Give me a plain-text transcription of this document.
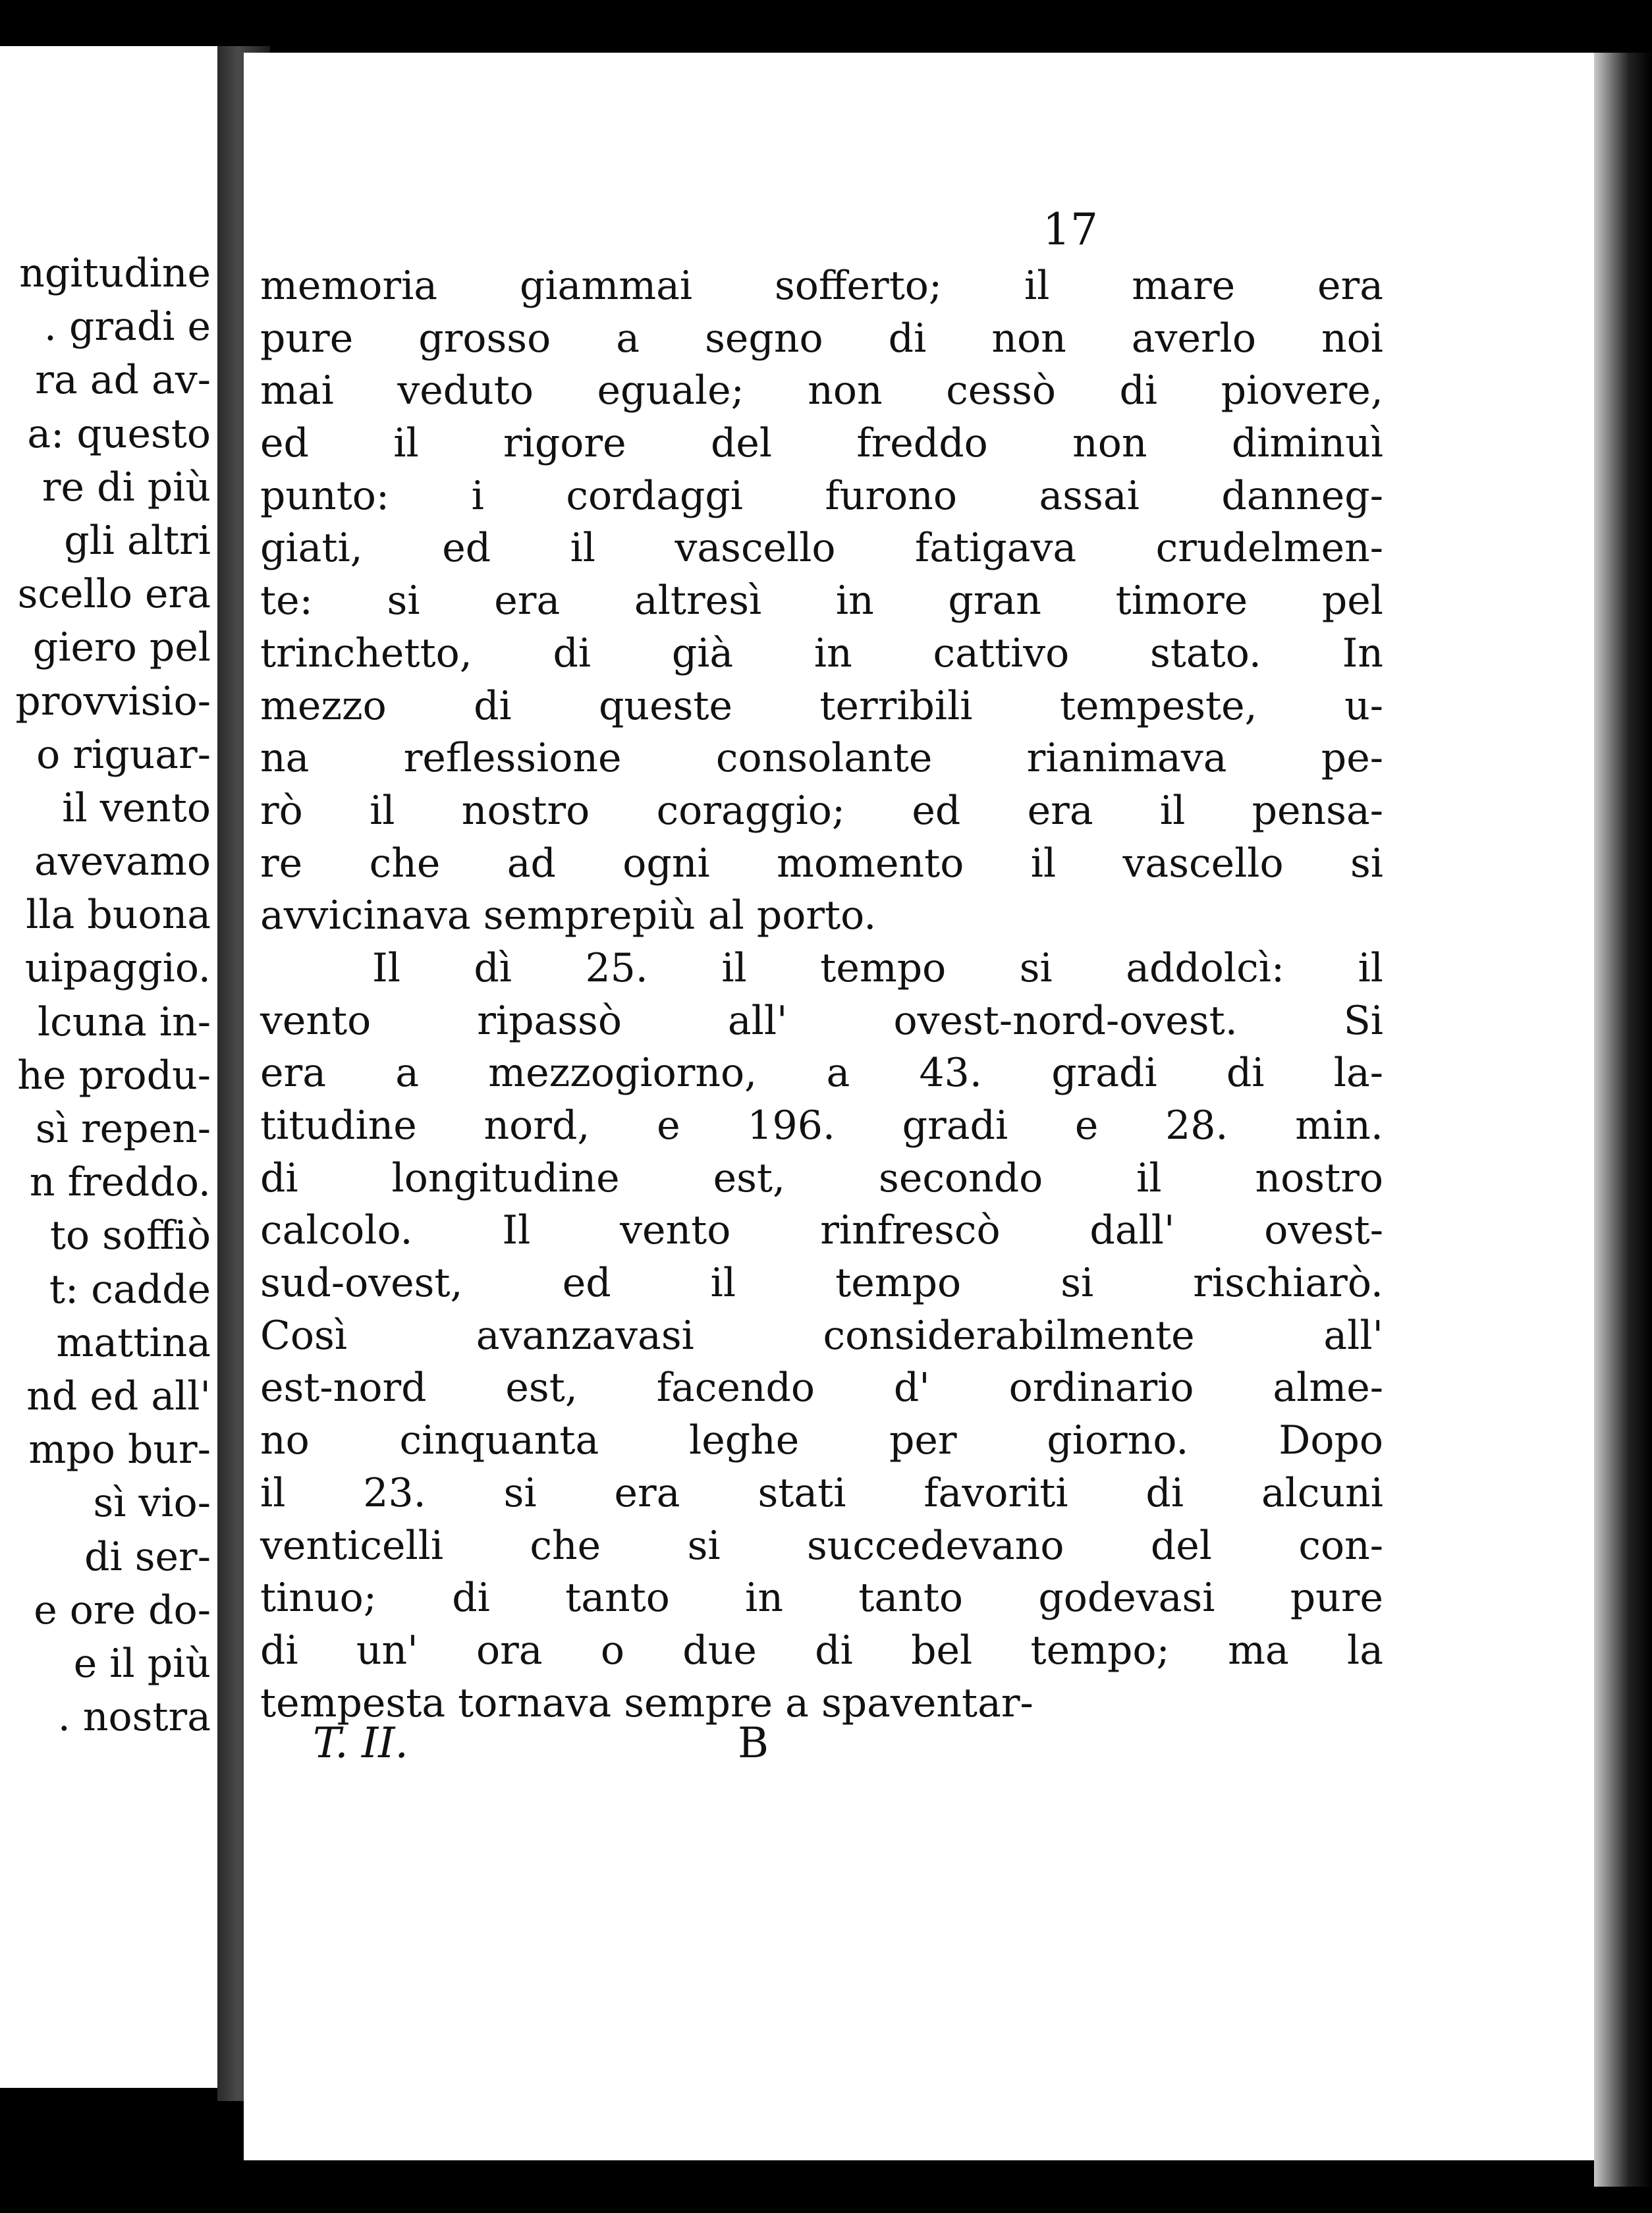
ngitudine
. gradi e
ra ad av-
a: questo
re di più
gli altri
scello era
giero pel
provvisio-
o riguar-
il vento
avevamo
lla buona
uipaggio.
lcuna in-
he produ-
sì repen-
n freddo.
to soffiò
t: cadde
mattina
nd ed all'
mpo bur-
sì vio-
di ser-
e ore do-
e il più
. nostra
17
memoria giammai sofferto; il mare era
pure grosso a segno di non averlo noi
mai veduto eguale; non cessò di piovere,
ed il rigore del freddo non diminuì
punto: i cordaggi furono assai danneg-
giati, ed il vascello fatigava crudelmen-
te: si era altresì in gran timore pel
trinchetto, di già in cattivo stato. In
mezzo di queste terribili tempeste, u-
na reflessione consolante rianimava pe-
rò il nostro coraggio; ed era il pensa-
re che ad ogni momento il vascello si
avvicinava semprepiù al porto.
Il dì 25. il tempo si addolcì: il
vento ripassò all' ovest-nord-ovest. Si
era a mezzogiorno, a 43. gradi di la-
titudine nord, e 196. gradi e 28. min.
di longitudine est, secondo il nostro
calcolo. Il vento rinfrescò dall' ovest-
sud-ovest, ed il tempo si rischiarò.
Così avanzavasi considerabilmente all'
est-nord est, facendo d' ordinario alme-
no cinquanta leghe per giorno. Dopo
il 23. si era stati favoriti di alcuni
venticelli che si succedevano del con-
tinuo; di tanto in tanto godevasi pure
di un' ora o due di bel tempo; ma la
tempesta tornava sempre a spaventar-
T. II.	B
